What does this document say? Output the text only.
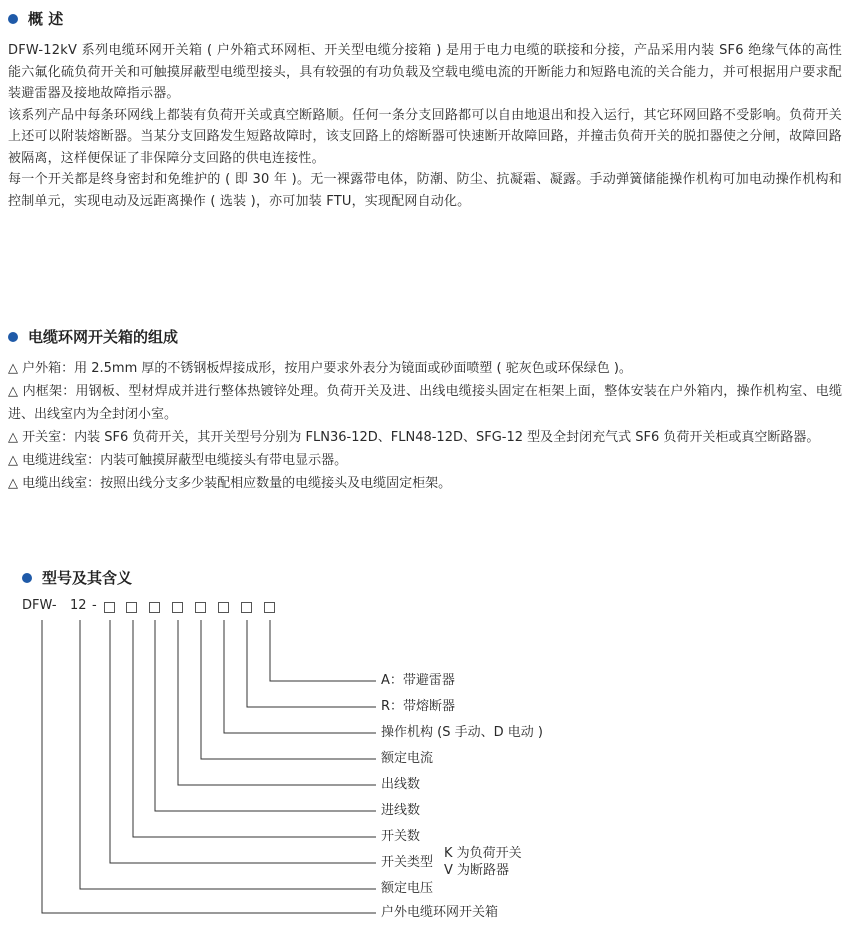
概 述

DFW-12kV 系列电缆环网开关箱 ( 户外箱式环网柜、开关型电缆分接箱 ) 是用于电力电缆的联接和分接，产品采用内装 SF6 绝缘气体的高性能六氟化硫负荷开关和可触摸屏蔽型电缆型接头，具有较强的有功负载及空载电缆电流的开断能力和短路电流的关合能力，并可根据用户要求配装避雷器及接地故障指示器。

该系列产品中每条环网线上都装有负荷开关或真空断路顺。任何一条分支回路都可以自由地退出和投入运行，其它环网回路不受影响。负荷开关上还可以附装熔断器。当某分支回路发生短路故障时，该支回路上的熔断器可快速断开故障回路，并撞击负荷开关的脱扣器使之分闸，故障回路被隔离，这样便保证了非保障分支回路的供电连接性。

每一个开关都是终身密封和免维护的 ( 即 30 年 )。无一裸露带电体，防潮、防尘、抗凝霜、凝露。手动弹簧储能操作机构可加电动操作机构和控制单元，实现电动及远距离操作 ( 选装 )，亦可加装 FTU，实现配网自动化。

电缆环网开关箱的组成

△ 户外箱：用 2.5mm 厚的不锈钢板焊接成形，按用户要求外表分为镜面或砂面喷塑 ( 驼灰色或环保绿色 )。

△ 内框架：用钢板、型材焊成并进行整体热镀锌处理。负荷开关及进、出线电缆接头固定在柜架上面，整体安装在户外箱内，操作机构室、电缆进、出线室内为全封闭小室。

△ 开关室：内装 SF6 负荷开关，其开关型号分别为 FLN36-12D、FLN48-12D、SFG-12 型及全封闭充气式 SF6 负荷开关柜或真空断路器。

△ 电缆进线室：内装可触摸屏蔽型电缆接头有带电显示器。

△ 电缆出线室：按照出线分支多少装配相应数量的电缆接头及电缆固定柜架。

型号及其含义
DFW- 12 -
A：带避雷器
R：带熔断器
操作机构 (S 手动、D 电动 )
额定电流
出线数
进线数
开关数
开关类型
K 为负荷开关
V 为断路器
额定电压
户外电缆环网开关箱
